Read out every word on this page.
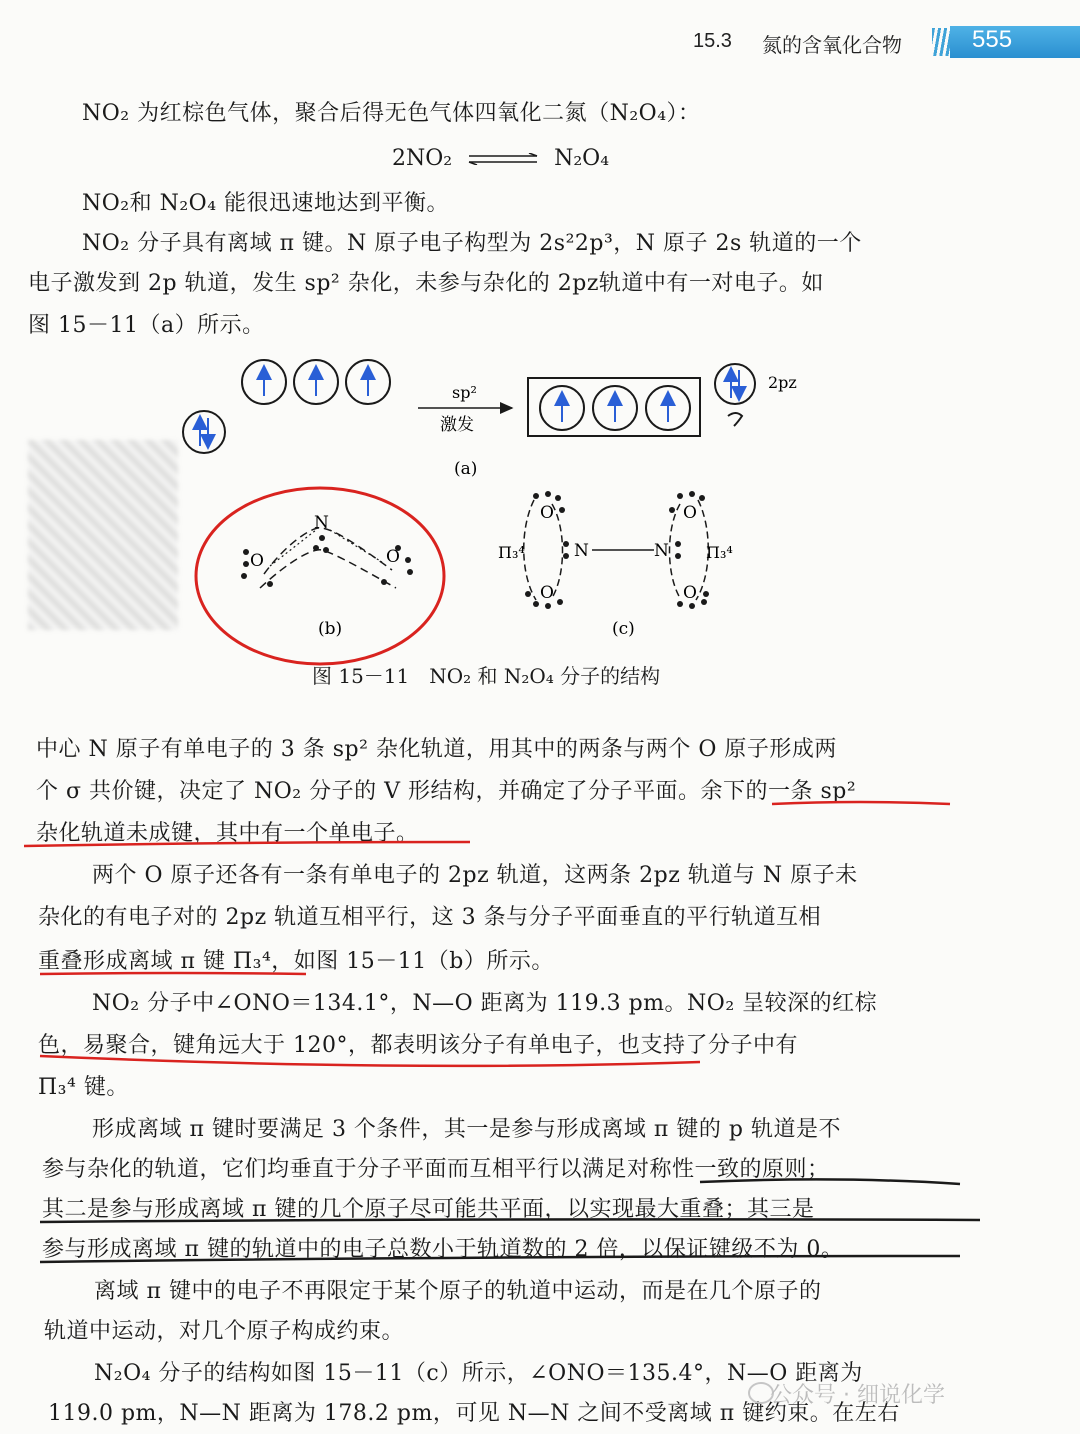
15.3 氮的含氧化合物	555
NO₂ 为红棕色气体，聚合后得无色气体四氧化二氮（N₂O₄）：
2NO₂ ⇌ N₂O₄
NO₂和 N₂O₄ 能很迅速地达到平衡。
NO₂ 分子具有离域 π 键。N 原子电子构型为 2s²2p³，N 原子 2s 轨道的一个
电子激发到 2p 轨道，发生 sp² 杂化，未参与杂化的 2pz轨道中有一对电子。如
图 15－11（a）所示。
sp²
激发
2pz
(a)
N
O	O
(b)
N	N
O
O
O
O
Π₃⁴	Π₃⁴
(c)
图 15－11　NO₂ 和 N₂O₄ 分子的结构
中心 N 原子有单电子的 3 条 sp² 杂化轨道，用其中的两条与两个 O 原子形成两
个 σ 共价键，决定了 NO₂ 分子的 V 形结构，并确定了分子平面。余下的一条 sp²
杂化轨道未成键，其中有一个单电子。
两个 O 原子还各有一条有单电子的 2pz 轨道，这两条 2pz 轨道与 N 原子未
杂化的有电子对的 2pz 轨道互相平行，这 3 条与分子平面垂直的平行轨道互相
重叠形成离域 π 键 Π₃⁴，如图 15－11（b）所示。
NO₂ 分子中∠ONO＝134.1°，N—O 距离为 119.3 pm。NO₂ 呈较深的红棕
色，易聚合，键角远大于 120°，都表明该分子有单电子，也支持了分子中有
Π₃⁴ 键。
形成离域 π 键时要满足 3 个条件，其一是参与形成离域 π 键的 p 轨道是不
参与杂化的轨道，它们均垂直于分子平面而互相平行以满足对称性一致的原则；
其二是参与形成离域 π 键的几个原子尽可能共平面，以实现最大重叠；其三是
参与形成离域 π 键的轨道中的电子总数小于轨道数的 2 倍，以保证键级不为 0。
离域 π 键中的电子不再限定于某个原子的轨道中运动，而是在几个原子的
轨道中运动，对几个原子构成约束。
N₂O₄ 分子的结构如图 15－11（c）所示，∠ONO＝135.4°，N—O 距离为
119.0 pm，N—N 距离为 178.2 pm，可见 N—N 之间不受离域 π 键约束。在左右
公众号 · 细说化学
